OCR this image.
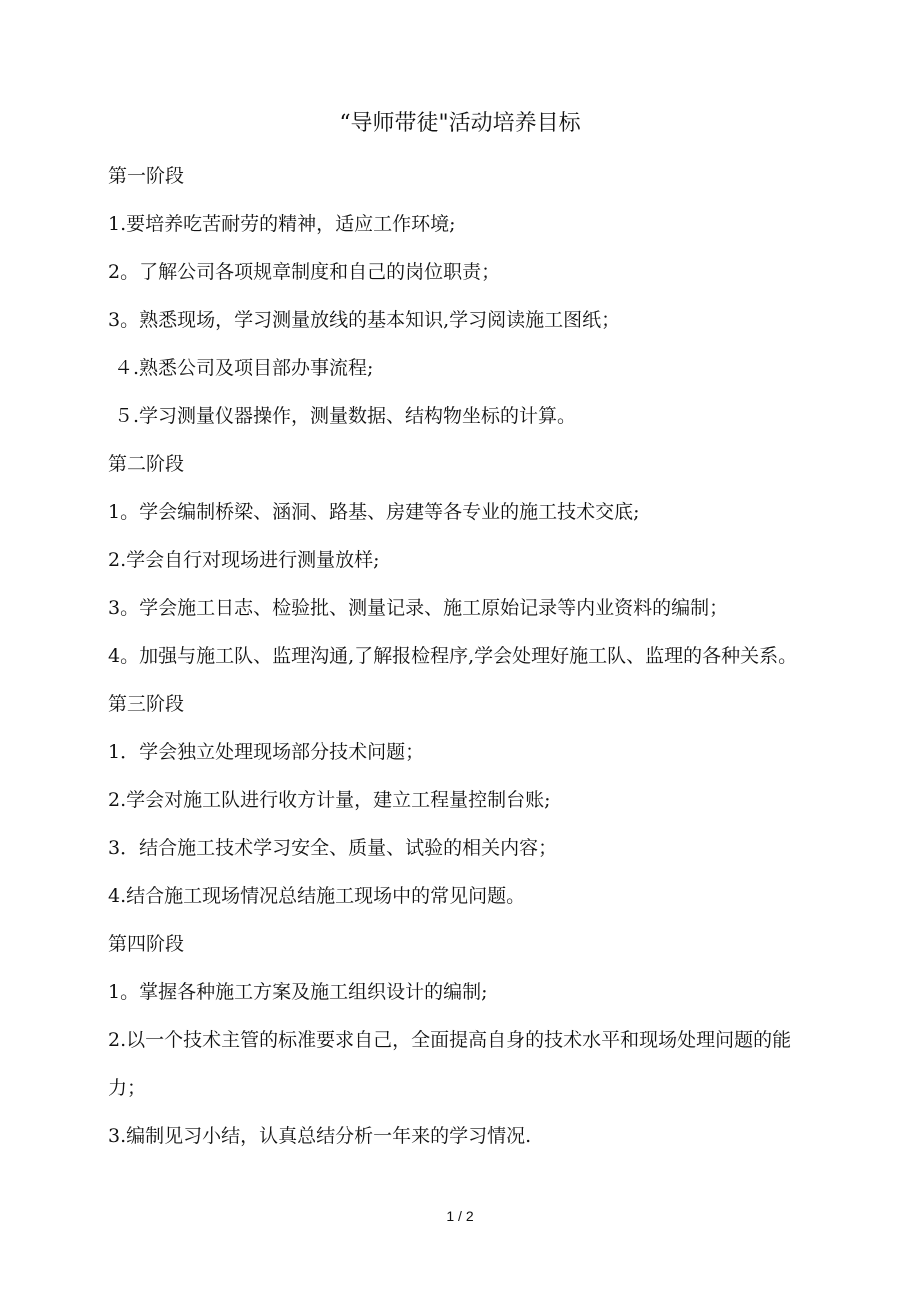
“导师带徒"活动培养目标

第一阶段

1.要培养吃苦耐劳的精神，适应工作环境;

2。了解公司各项规章制度和自己的岗位职责；

3。熟悉现场，学习测量放线的基本知识,学习阅读施工图纸；

４.熟悉公司及项目部办事流程;

５.学习测量仪器操作，测量数据、结构物坐标的计算。

第二阶段

1。学会编制桥梁、涵洞、路基、房建等各专业的施工技术交底;

2.学会自行对现场进行测量放样;

3。学会施工日志、检验批、测量记录、施工原始记录等内业资料的编制；

4。加强与施工队、监理沟通,了解报检程序,学会处理好施工队、监理的各种关系。

第三阶段

1．学会独立处理现场部分技术问题；

2.学会对施工队进行收方计量，建立工程量控制台账;

3．结合施工技术学习安全、质量、试验的相关内容；

4.结合施工现场情况总结施工现场中的常见问题。

第四阶段

1。掌握各种施工方案及施工组织设计的编制;

2.以一个技术主管的标准要求自己，全面提高自身的技术水平和现场处理问题的能力；

3.编制见习小结，认真总结分析一年来的学习情况.

1 / 2
